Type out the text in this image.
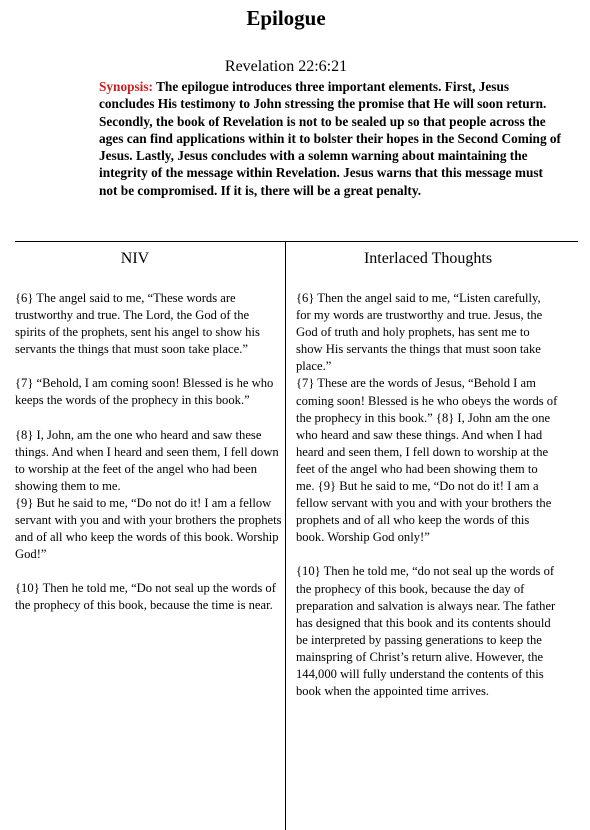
Epilogue
Revelation 22:6:21
Synopsis: The epilogue introduces three important elements. First, Jesus concludes His testimony to John stressing the promise that He will soon return. Secondly, the book of Revelation is not to be sealed up so that people across the ages can find applications within it to bolster their hopes in the Second Coming of Jesus. Lastly, Jesus concludes with a solemn warning about maintaining the integrity of the message within Revelation. Jesus warns that this message must not be compromised. If it is, there will be a great penalty.
NIV	Interlaced Thoughts

{6} The angel said to me, “These words are trustworthy and true. The Lord, the God of the spirits of the prophets, sent his angel to show his servants the things that must soon take place.”

{7} “Behold, I am coming soon! Blessed is he who keeps the words of the prophecy in this book.”

{8} I, John, am the one who heard and saw these things. And when I heard and seen them, I fell down to worship at the feet of the angel who had been showing them to me.

{9} But he said to me, “Do not do it! I am a fellow servant with you and with your brothers the prophets and of all who keep the words of this book. Worship God!”

{10} Then he told me, “Do not seal up the words of the prophecy of this book, because the time is near.

{6} Then the angel said to me, “Listen carefully, for my words are trustworthy and true. Jesus, the God of truth and holy prophets, has sent me to show His servants the things that must soon take place.”

{7} These are the words of Jesus, “Behold I am coming soon! Blessed is he who obeys the words of the prophecy in this book.” {8} I, John am the one who heard and saw these things. And when I had heard and seen them, I fell down to worship at the feet of the angel who had been showing them to me. {9} But he said to me, “Do not do it! I am a fellow servant with you and with your brothers the prophets and of all who keep the words of this book. Worship God only!”

{10} Then he told me, “do not seal up the words of the prophecy of this book, because the day of preparation and salvation is always near. The father has designed that this book and its contents should be interpreted by passing generations to keep the mainspring of Christ’s return alive. However, the 144,000 will fully understand the contents of this book when the appointed time arrives.
